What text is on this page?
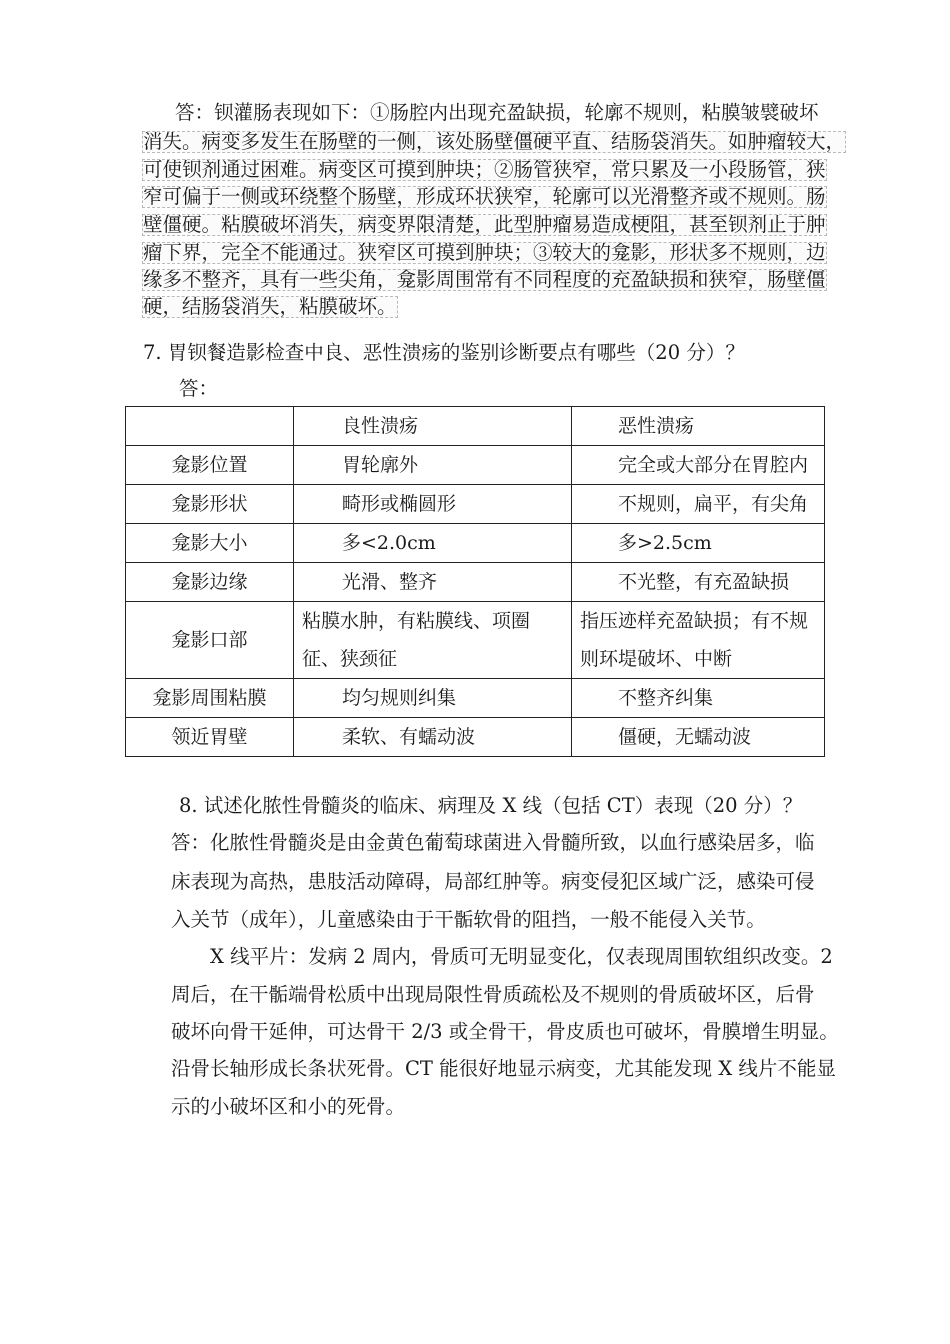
答：钡灌肠表现如下：①肠腔内出现充盈缺损，轮廓不规则，粘膜皱襞破坏
消失。病变多发生在肠壁的一侧，该处肠壁僵硬平直、结肠袋消失。如肿瘤较大，
可使钡剂通过困难。病变区可摸到肿块；②肠管狭窄，常只累及一小段肠管，狭
窄可偏于一侧或环绕整个肠壁，形成环状狭窄，轮廓可以光滑整齐或不规则。肠
壁僵硬。粘膜破坏消失，病变界限清楚，此型肿瘤易造成梗阻，甚至钡剂止于肿
瘤下界，完全不能通过。狭窄区可摸到肿块；③较大的龛影，形状多不规则，边
缘多不整齐，具有一些尖角，龛影周围常有不同程度的充盈缺损和狭窄，肠壁僵
硬，结肠袋消失，粘膜破坏。
7. 胃钡餐造影检查中良、恶性溃疡的鉴别诊断要点有哪些（20 分）？
答：
	良性溃疡	恶性溃疡
龛影位置	胃轮廓外	完全或大部分在胃腔内
龛影形状	畸形或椭圆形	不规则，扁平，有尖角
龛影大小	多<2.0cm	多>2.5cm
龛影边缘	光滑、整齐	不光整，有充盈缺损
龛影口部	粘膜水肿，有粘膜线、项圈征、狭颈征	指压迹样充盈缺损；有不规则环堤破坏、中断
龛影周围粘膜	均匀规则纠集	不整齐纠集
领近胃壁	柔软、有蠕动波	僵硬，无蠕动波
8. 试述化脓性骨髓炎的临床、病理及 X 线（包括 CT）表现（20 分）？
答：化脓性骨髓炎是由金黄色葡萄球菌进入骨髓所致，以血行感染居多，临
床表现为高热，患肢活动障碍，局部红肿等。病变侵犯区域广泛，感染可侵
入关节（成年），儿童感染由于干骺软骨的阻挡，一般不能侵入关节。
X 线平片：发病 2 周内，骨质可无明显变化，仅表现周围软组织改变。2
周后，在干骺端骨松质中出现局限性骨质疏松及不规则的骨质破坏区，后骨
破坏向骨干延伸，可达骨干 2/3 或全骨干，骨皮质也可破坏，骨膜增生明显。
沿骨长轴形成长条状死骨。CT 能很好地显示病变，尤其能发现 X 线片不能显
示的小破坏区和小的死骨。
